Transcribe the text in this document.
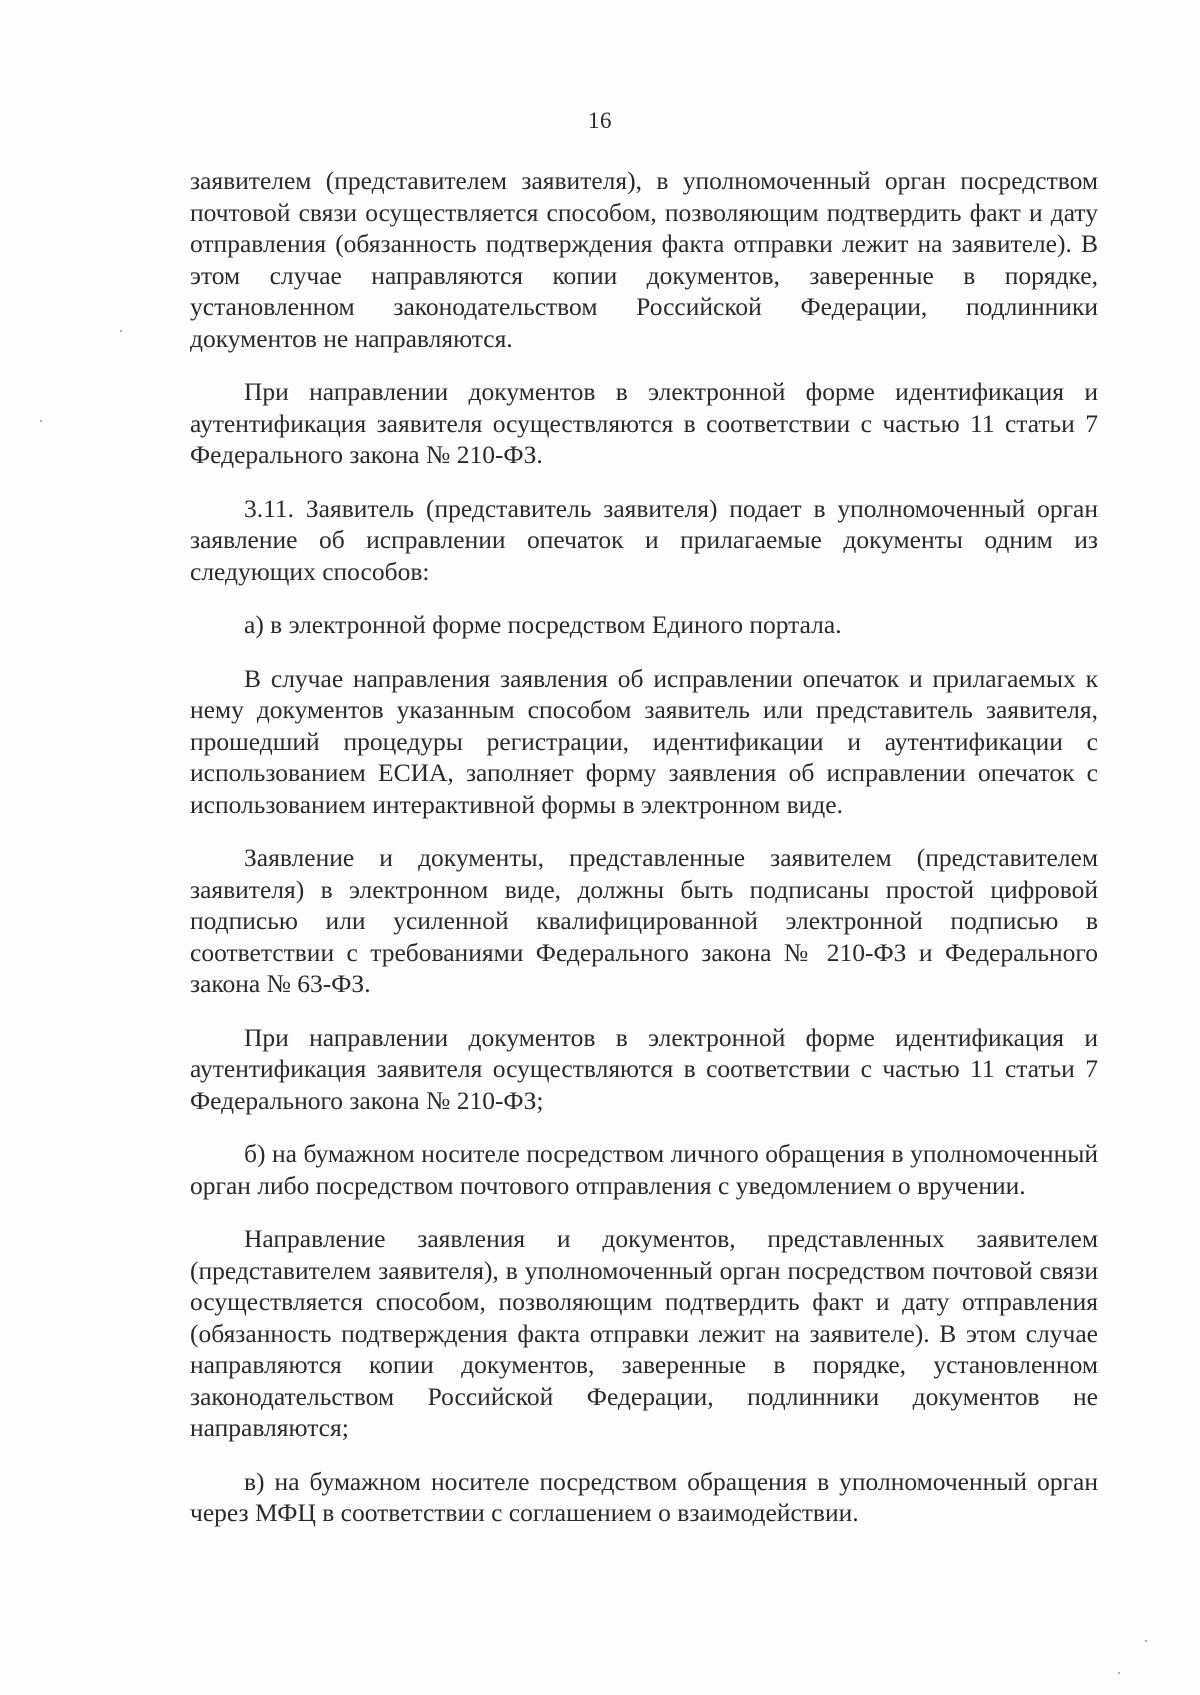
16

заявителем (представителем заявителя), в уполномоченный орган посредством почтовой связи осуществляется способом, позволяющим подтвердить факт и дату отправления (обязанность подтверждения факта отправки лежит на заявителе). В этом случае направляются копии документов, заверенные в порядке, установленном законодательством Российской Федерации, подлинники документов не направляются.

При направлении документов в электронной форме идентификация и аутентификация заявителя осуществляются в соответствии с частью 11 статьи 7 Федерального закона № 210-ФЗ.

3.11. Заявитель (представитель заявителя) подает в уполномоченный орган заявление об исправлении опечаток и прилагаемые документы одним из следующих способов:

а) в электронной форме посредством Единого портала.

В случае направления заявления об исправлении опечаток и прилагаемых к нему документов указанным способом заявитель или представитель заявителя, прошедший процедуры регистрации, идентификации и аутентификации с использованием ЕСИА, заполняет форму заявления об исправлении опечаток с использованием интерактивной формы в электронном виде.

Заявление и документы, представленные заявителем (представителем заявителя) в электронном виде, должны быть подписаны простой цифровой подписью или усиленной квалифицированной электронной подписью в соответствии с требованиями Федерального закона № 210-ФЗ и Федерального закона № 63-ФЗ.

При направлении документов в электронной форме идентификация и аутентификация заявителя осуществляются в соответствии с частью 11 статьи 7 Федерального закона № 210-ФЗ;

б) на бумажном носителе посредством личного обращения в уполномоченный орган либо посредством почтового отправления с уведомлением о вручении.

Направление заявления и документов, представленных заявителем (представителем заявителя), в уполномоченный орган посредством почтовой связи осуществляется способом, позволяющим подтвердить факт и дату отправления (обязанность подтверждения факта отправки лежит на заявителе). В этом случае направляются копии документов, заверенные в порядке, установленном законодательством Российской Федерации, подлинники документов не направляются;

в) на бумажном носителе посредством обращения в уполномоченный орган через МФЦ в соответствии с соглашением о взаимодействии.
